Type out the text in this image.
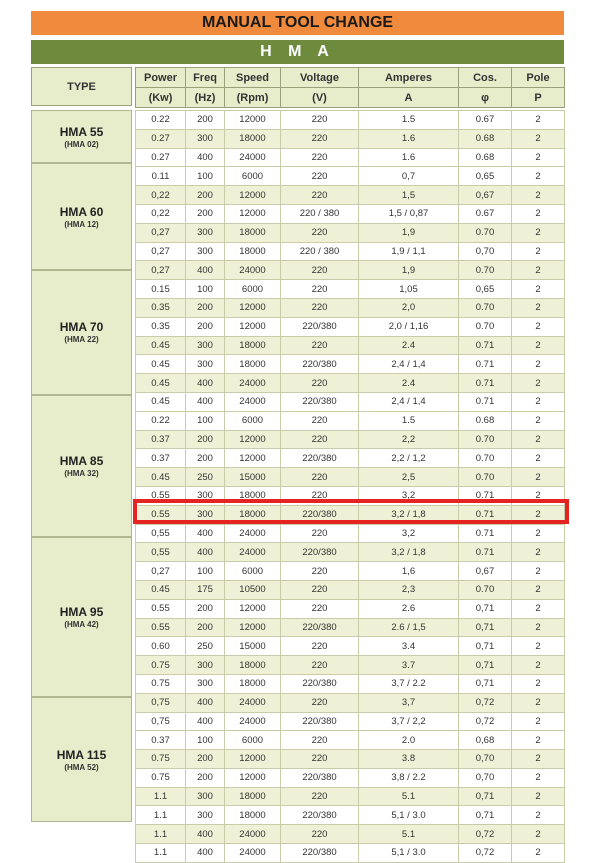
MANUAL TOOL CHANGE
H M A
TYPE
Power	Freq	Speed	Voltage	Amperes	Cos.	Pole
(Kw)	(Hz)	(Rpm)	(V)	A	φ	P
HMA 55
(HMA 02)
HMA 60
(HMA 12)
HMA 70
(HMA 22)
HMA 85
(HMA 32)
HMA 95
(HMA 42)
HMA 115
(HMA 52)
0.22	200	12000	220	1.5	0.67	2
0.27	300	18000	220	1.6	0.68	2
0.27	400	24000	220	1.6	0.68	2
0.11	100	6000	220	0,7	0,65	2
0,22	200	12000	220	1,5	0,67	2
0,22	200	12000	220 / 380	1,5 / 0,87	0.67	2
0,27	300	18000	220	1,9	0.70	2
0,27	300	18000	220 / 380	1,9 / 1,1	0,70	2
0,27	400	24000	220	1,9	0.70	2
0.15	100	6000	220	1,05	0,65	2
0.35	200	12000	220	2,0	0.70	2
0.35	200	12000	220/380	2,0 / 1,16	0.70	2
0.45	300	18000	220	2.4	0.71	2
0.45	300	18000	220/380	2,4 / 1,4	0.71	2
0.45	400	24000	220	2.4	0.71	2
0.45	400	24000	220/380	2,4 / 1,4	0.71	2
0.22	100	6000	220	1.5	0.68	2
0.37	200	12000	220	2,2	0.70	2
0.37	200	12000	220/380	2,2 / 1,2	0.70	2
0.45	250	15000	220	2,5	0.70	2
0.55	300	18000	220	3,2	0.71	2
0.55	300	18000	220/380	3,2 / 1,8	0.71	2
0,55	400	24000	220	3,2	0.71	2
0,55	400	24000	220/380	3,2 / 1,8	0.71	2
0,27	100	6000	220	1,6	0,67	2
0.45	175	10500	220	2,3	0.70	2
0.55	200	12000	220	2.6	0,71	2
0.55	200	12000	220/380	2.6 / 1,5	0,71	2
0.60	250	15000	220	3.4	0,71	2
0.75	300	18000	220	3.7	0,71	2
0.75	300	18000	220/380	3,7 / 2.2	0,71	2
0,75	400	24000	220	3,7	0,72	2
0,75	400	24000	220/380	3,7 / 2,2	0,72	2
0.37	100	6000	220	2.0	0,68	2
0.75	200	12000	220	3.8	0,70	2
0.75	200	12000	220/380	3,8 / 2.2	0,70	2
1.1	300	18000	220	5.1	0,71	2
1.1	300	18000	220/380	5,1 / 3.0	0,71	2
1.1	400	24000	220	5.1	0,72	2
1.1	400	24000	220/380	5,1 / 3.0	0,72	2
